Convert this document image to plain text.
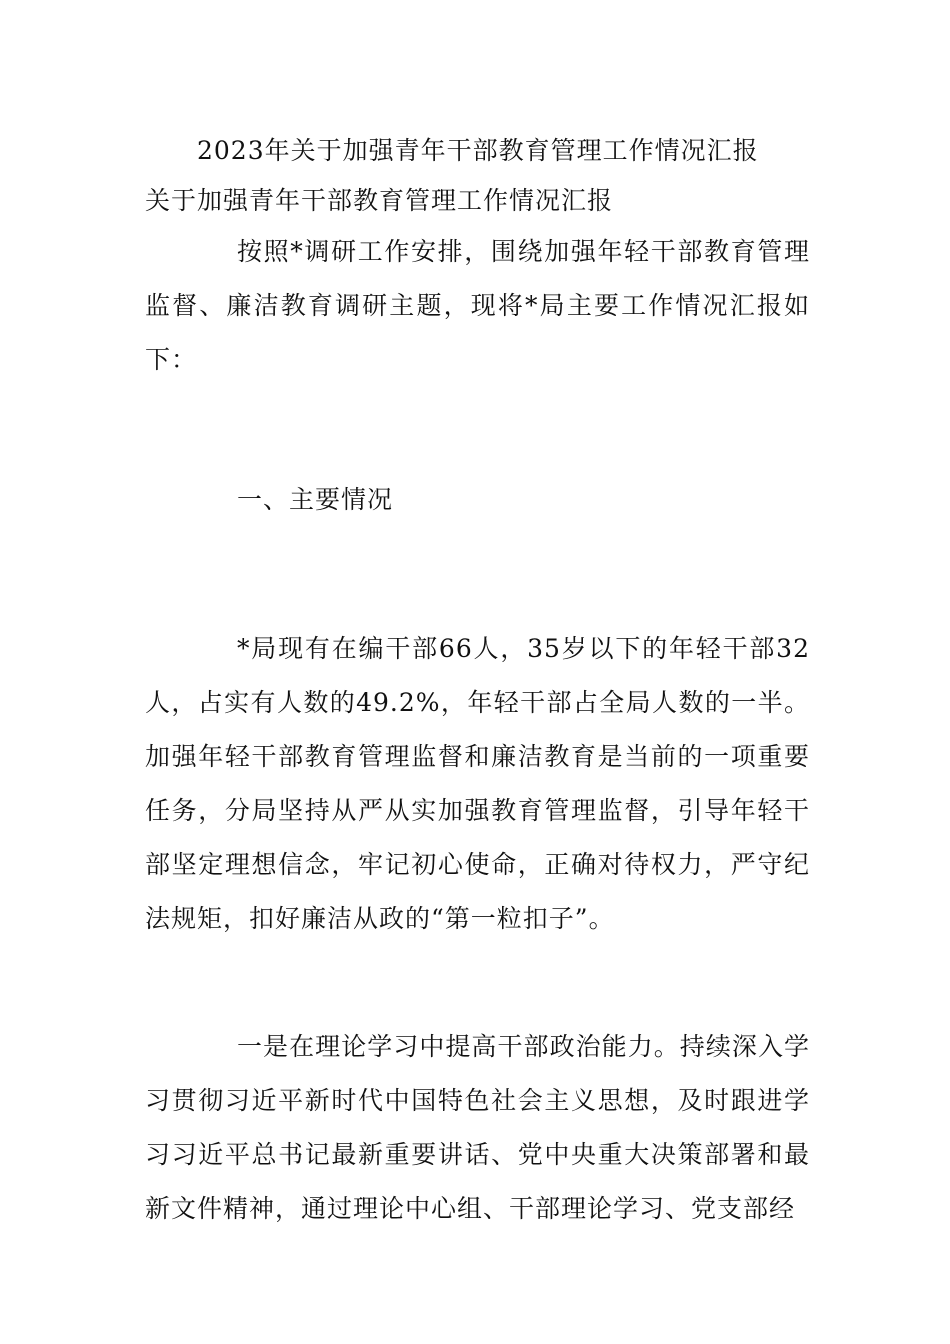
2023年关于加强青年干部教育管理工作情况汇报
关于加强青年干部教育管理工作情况汇报
按照*调研工作安排，围绕加强年轻干部教育管理监督、廉洁教育调研主题，现将*局主要工作情况汇报如下：
一、主要情况
*局现有在编干部66人，35岁以下的年轻干部32人，占实有人数的49.2%，年轻干部占全局人数的一半。加强年轻干部教育管理监督和廉洁教育是当前的一项重要任务，分局坚持从严从实加强教育管理监督，引导年轻干部坚定理想信念，牢记初心使命，正确对待权力，严守纪法规矩，扣好廉洁从政的“第一粒扣子”。
一是在理论学习中提高干部政治能力。持续深入学习贯彻习近平新时代中国特色社会主义思想，及时跟进学习习近平总书记最新重要讲话、党中央重大决策部署和最新文件精神，通过理论中心组、干部理论学习、党支部经
